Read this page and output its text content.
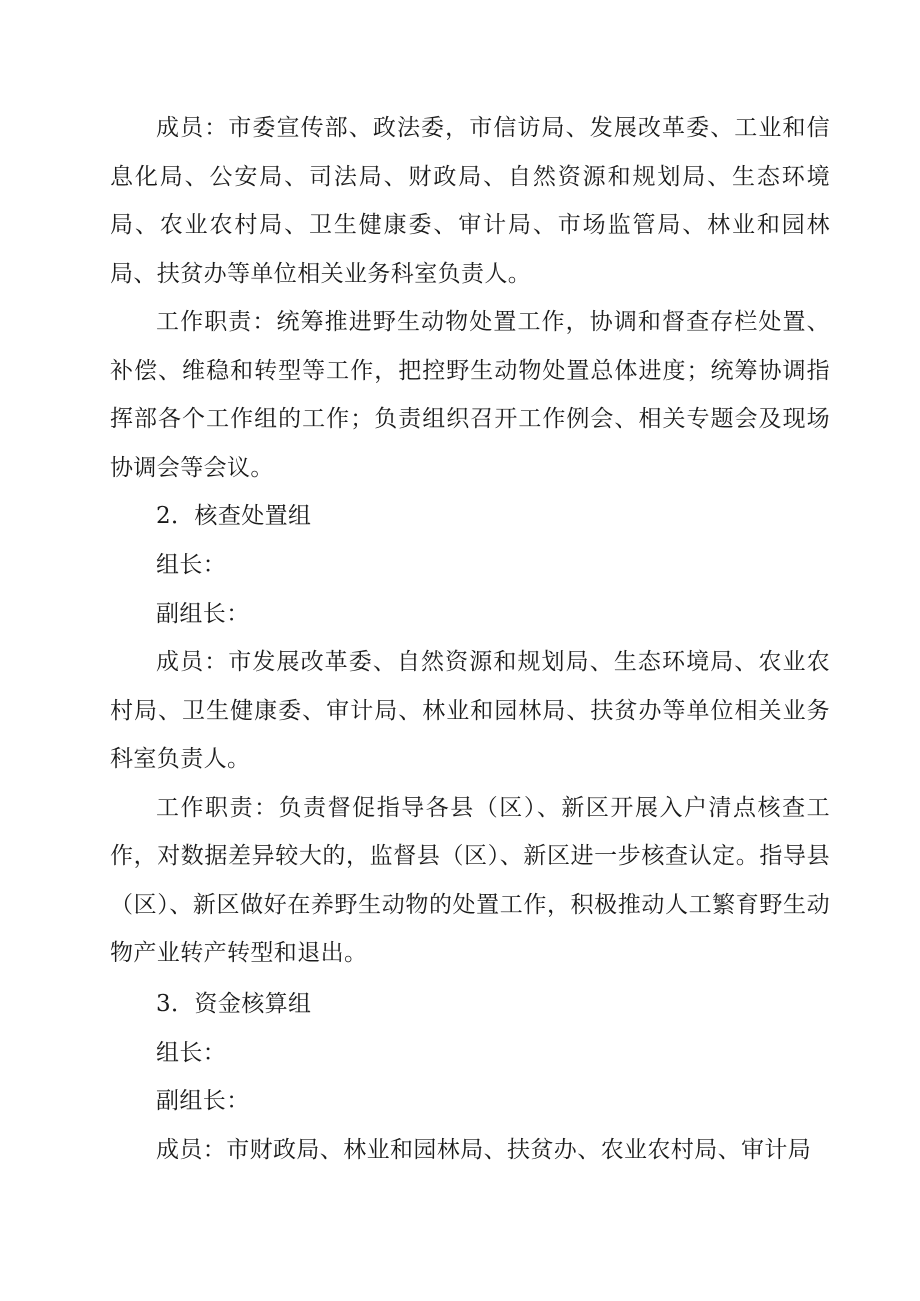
成员：市委宣传部、政法委，市信访局、发展改革委、工业和信息化局、公安局、司法局、财政局、自然资源和规划局、生态环境局、农业农村局、卫生健康委、审计局、市场监管局、林业和园林局、扶贫办等单位相关业务科室负责人。

工作职责：统筹推进野生动物处置工作，协调和督查存栏处置、补偿、维稳和转型等工作，把控野生动物处置总体进度；统筹协调指挥部各个工作组的工作；负责组织召开工作例会、相关专题会及现场协调会等会议。

2．核查处置组

组长：

副组长：

成员：市发展改革委、自然资源和规划局、生态环境局、农业农村局、卫生健康委、审计局、林业和园林局、扶贫办等单位相关业务科室负责人。

工作职责：负责督促指导各县（区）、新区开展入户清点核查工作，对数据差异较大的，监督县（区）、新区进一步核查认定。指导县（区）、新区做好在养野生动物的处置工作，积极推动人工繁育野生动物产业转产转型和退出。

3．资金核算组

组长：

副组长：

成员：市财政局、林业和园林局、扶贫办、农业农村局、审计局
